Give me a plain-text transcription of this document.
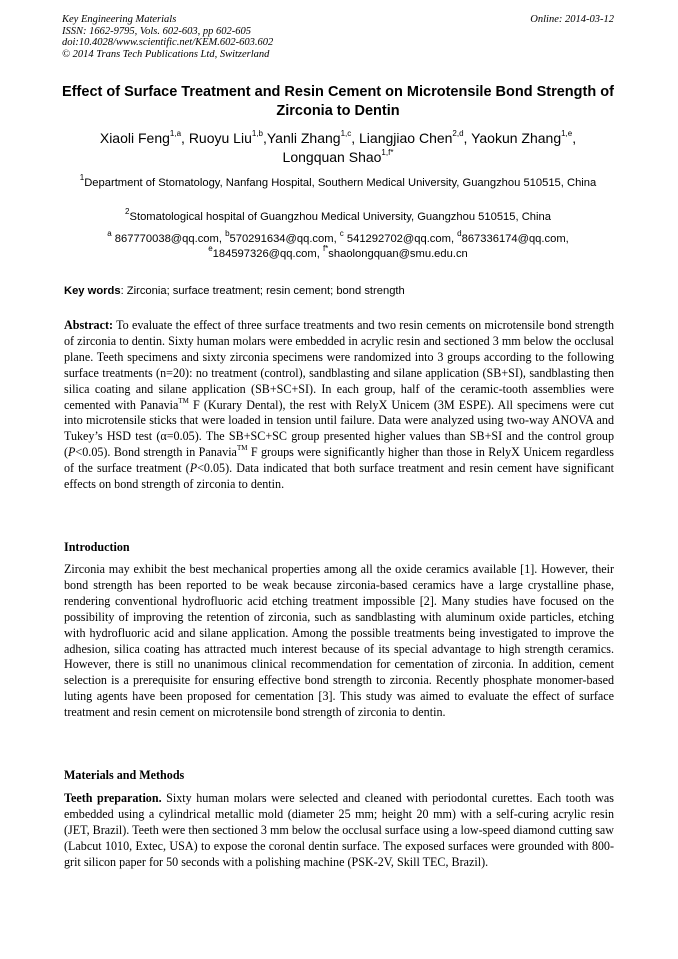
Key Engineering Materials
ISSN: 1662-9795, Vols. 602-603, pp 602-605
doi:10.4028/www.scientific.net/KEM.602-603.602
© 2014 Trans Tech Publications Ltd, Switzerland
Online: 2014-03-12
Effect of Surface Treatment and Resin Cement on Microtensile Bond Strength of Zirconia to Dentin
Xiaoli Feng$^{1,a}$, Ruoyu Liu$^{1,b}$,Yanli Zhang$^{1,c}$, Liangjiao Chen$^{2,d}$, Yaokun Zhang$^{1,e}$,
Longquan Shao$^{1,f*}$
$^1$Department of Stomatology, Nanfang Hospital, Southern Medical University, Guangzhou 510515, China
$^2$Stomatological hospital of Guangzhou Medical University, Guangzhou 510515, China
$^a$ 867770038@qq.com, $^b$570291634@qq.com, $^c$ 541292702@qq.com, $^d$867336174@qq.com,
$^e$184597326@qq.com, $^{f*}$shaolongquan@smu.edu.cn
Key words: Zirconia; surface treatment; resin cement; bond strength
Abstract: To evaluate the effect of three surface treatments and two resin cements on microtensile bond strength of zirconia to dentin. Sixty human molars were embedded in acrylic resin and sectioned 3 mm below the occlusal plane. Teeth specimens and sixty zirconia specimens were randomized into 3 groups according to the following surface treatments (n=20): no treatment (control), sandblasting and silane application (SB+SI), sandblasting then silica coating and silane application (SB+SC+SI). In each group, half of the ceramic-tooth assemblies were cemented with Panavia™ F (Kurary Dental), the rest with RelyX Unicem (3M ESPE). All specimens were cut into microtensile sticks that were loaded in tension until failure. Data were analyzed using two-way ANOVA and Tukey’s HSD test (α=0.05). The SB+SC+SC group presented higher values than SB+SI and the control group (P<0.05). Bond strength in Panavia™ F groups were significantly higher than those in RelyX Unicem regardless of the surface treatment (P<0.05). Data indicated that both surface treatment and resin cement have significant effects on bond strength of zirconia to dentin.
Introduction
Zirconia may exhibit the best mechanical properties among all the oxide ceramics available [1]. However, their bond strength has been reported to be weak because zirconia-based ceramics have a large crystalline phase, rendering conventional hydrofluoric acid etching treatment impossible [2]. Many studies have focused on the possibility of improving the retention of zirconia, such as sandblasting with aluminum oxide particles, etching with hydrofluoric acid and silane application. Among the possible treatments being investigated to improve the adhesion, silica coating has attracted much interest because of its special advantage to high strength ceramics. However, there is still no unanimous clinical recommendation for cementation of zirconia. In addition, cement selection is a prerequisite for ensuring effective bond strength to zirconia. Recently phosphate monomer-based luting agents have been proposed for cementation [3]. This study was aimed to evaluate the effect of surface treatment and resin cement on microtensile bond strength of zirconia to dentin.
Materials and Methods
Teeth preparation. Sixty human molars were selected and cleaned with periodontal curettes. Each tooth was embedded using a cylindrical metallic mold (diameter 25 mm; height 20 mm) with a self-curing acrylic resin (JET, Brazil). Teeth were then sectioned 3 mm below the occlusal surface using a low-speed diamond cutting saw (Labcut 1010, Extec, USA) to expose the coronal dentin surface. The exposed surfaces were grounded with 800-grit silicon paper for 50 seconds with a polishing machine (PSK-2V, Skill TEC, Brazil).
